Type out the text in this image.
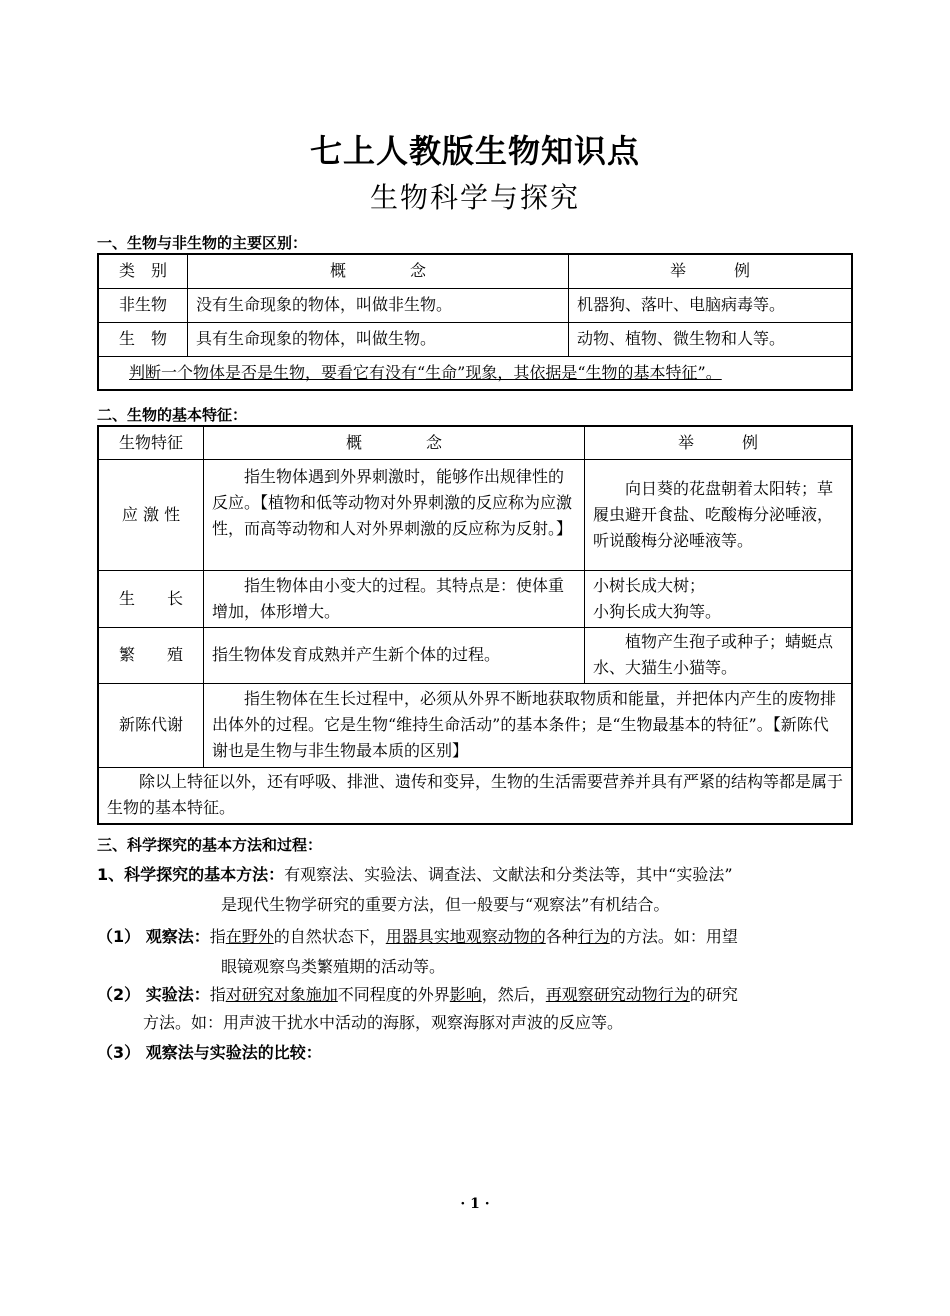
七上人教版生物知识点
生物科学与探究
一、生物与非生物的主要区别：
类　别	概　　　　念	举　　　例
非生物	没有生命现象的物体，叫做非生物。	机器狗、落叶、电脑病毒等。
生　物	具有生命现象的物体，叫做生物。	动物、植物、微生物和人等。
判断一个物体是否是生物，要看它有没有“生命”现象，其依据是“生物的基本特征”。		
二、生物的基本特征：
生物特征	概　　　　念	举　　　例
应 激 性	指生物体遇到外界刺激时，能够作出规律性的反应。【植物和低等动物对外界刺激的反应称为应激性，而高等动物和人对外界刺激的反应称为反射。】	向日葵的花盘朝着太阳转；草履虫避开食盐、吃酸梅分泌唾液，听说酸梅分泌唾液等。
生　　长	指生物体由小变大的过程。其特点是：使体重增加，体形增大。	小树长成大树；
小狗长成大狗等。

繁　　殖	指生物体发育成熟并产生新个体的过程。	植物产生孢子或种子；蜻蜓点水、大猫生小猫等。
新陈代谢	指生物体在生长过程中，必须从外界不断地获取物质和能量，并把体内产生的废物排出体外的过程。它是生物“维持生命活动”的基本条件；是“生物最基本的特征”。【新陈代谢也是生物与非生物最本质的区别】	
除以上特征以外，还有呼吸、排泄、遗传和变异，生物的生活需要营养并具有严紧的结构等都是属于生物的基本特征。		
三、科学探究的基本方法和过程：
1、科学探究的基本方法：有观察法、实验法、调查法、文献法和分类法等，其中“实验法”
是现代生物学研究的重要方法，但一般要与“观察法”有机结合。
（1） 观察法：指在野外的自然状态下，用器具实地观察动物的各种行为的方法。如：用望
眼镜观察鸟类繁殖期的活动等。
（2） 实验法：指对研究对象施加不同程度的外界影响，然后，再观察研究动物行为的研究
方法。如：用声波干扰水中活动的海豚，观察海豚对声波的反应等。
（3） 观察法与实验法的比较：
· 1 ·
